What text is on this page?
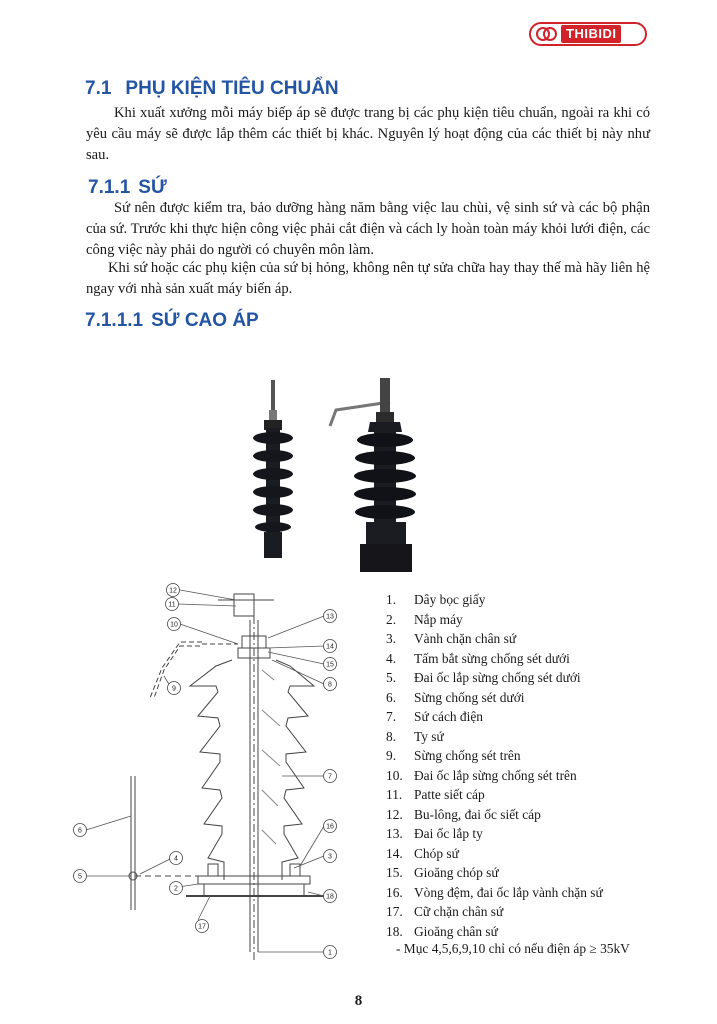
THIBIDI
7.1 PHỤ KIỆN TIÊU CHUẨN

Khi xuất xưởng mỗi máy biếp áp sẽ được trang bị các phụ kiện tiêu chuẩn, ngoài ra khi có yêu cầu máy sẽ được lắp thêm các thiết bị khác. Nguyên lý hoạt động của các thiết bị này như sau.

7.1.1 SỨ

Sứ nên được kiểm tra, bảo dưỡng hàng năm bằng việc lau chùi, vệ sinh sứ và các bộ phận của sứ. Trước khi thực hiện công việc phải cắt điện và cách ly hoàn toàn máy khỏi lưới điện, các công việc này phải do người có chuyên môn làm.

Khi sứ hoặc các phụ kiện của sứ bị hỏng, không nên tự sửa chữa hay thay thế mà hãy liên hệ ngay với nhà sản xuất máy biến áp.

7.1.1.1 SỨ CAO ÁP
12
11
10
9
13
14
15
8
7
16
3
18
6
5
4
2
17
1
1.	Dây bọc giấy
2.	Nắp máy
3.	Vành chặn chân sứ
4.	Tấm bắt sừng chống sét dưới
5.	Đai ốc lắp sừng chống sét dưới
6.	Sừng chống sét dưới
7.	Sứ cách điện
8.	Ty sứ
9.	Sừng chống sét trên
10. Đai ốc lắp sừng chống sét trên
11. Patte siết cáp
12. Bu-lông, đai ốc siết cáp
13. Đai ốc lắp ty
14. Chóp sứ
15. Gioăng chóp sứ
16. Vòng đệm, đai ốc lắp vành chặn sứ
17. Cữ chặn chân sứ
18. Gioăng chân sứ
- Mục 4,5,6,9,10 chỉ có nếu điện áp ≥ 35kV
8
